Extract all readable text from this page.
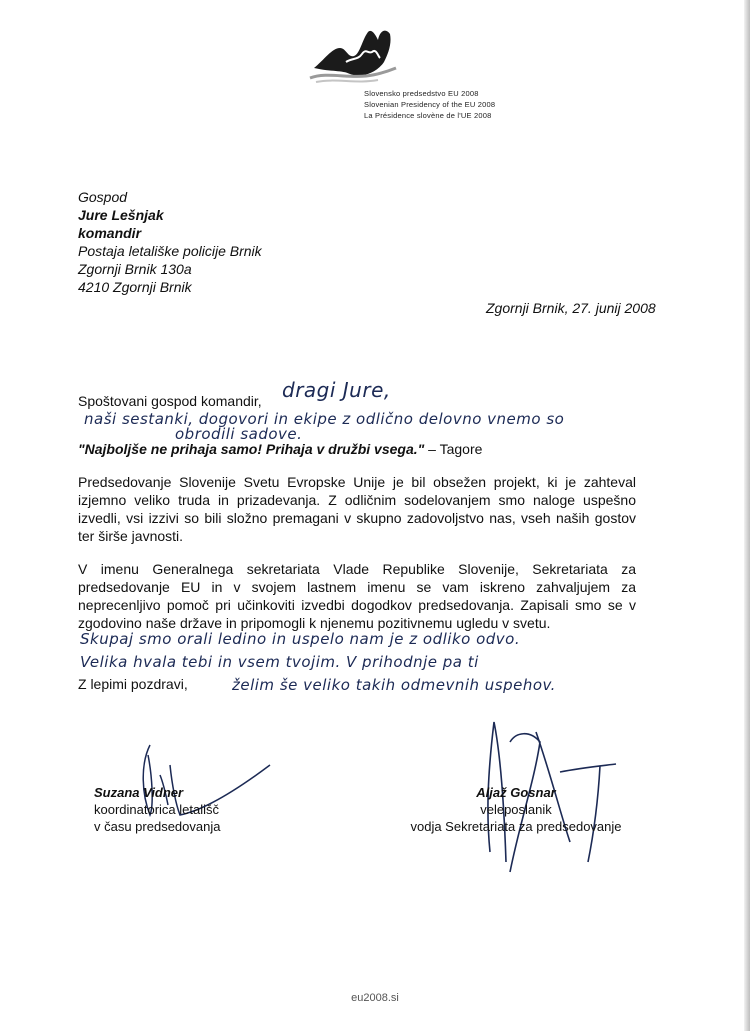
Slovensko predsedstvo EU 2008
Slovenian Presidency of the EU 2008
La Présidence slovène de l'UE 2008
Gospod
Jure Lešnjak
komandir
Postaja letališke policije Brnik
Zgornji Brnik 130a
4210 Zgornji Brnik
Zgornji Brnik, 27. junij 2008
Spoštovani gospod komandir, dragi Jure,
naši sestanki, dogovori in ekipe z odlično delovno vnemo so
obrodili sadove.
"Najboljše ne prihaja samo! Prihaja v družbi vsega." – Tagore
Predsedovanje Slovenije Svetu Evropske Unije je bil obsežen projekt, ki je zahteval izjemno veliko truda in prizadevanja. Z odličnim sodelovanjem smo naloge uspešno izvedli, vsi izzivi so bili složno premagani v skupno zadovoljstvo nas, vseh naših gostov ter širše javnosti.
V imenu Generalnega sekretariata Vlade Republike Slovenije, Sekretariata za predsedovanje EU in v svojem lastnem imenu se vam iskreno zahvaljujem za neprecenljivo pomoč pri učinkoviti izvedbi dogodkov predsedovanja. Zapisali smo se v zgodovino naše države in pripomogli k njenemu pozitivnemu ugledu v svetu.
Skupaj smo orali ledino in uspelo nam je z odliko odvo.
Velika hvala tebi in vsem tvojim. V prihodnje pa ti
Z lepimi pozdravi,	želim še veliko takih odmevnih uspehov.
Suzana Vidner
koordinatorica letališč
v času predsedovanja
Aljaž Gosnar
veleposlanik
vodja Sekretariata za predsedovanje
eu2008.si
